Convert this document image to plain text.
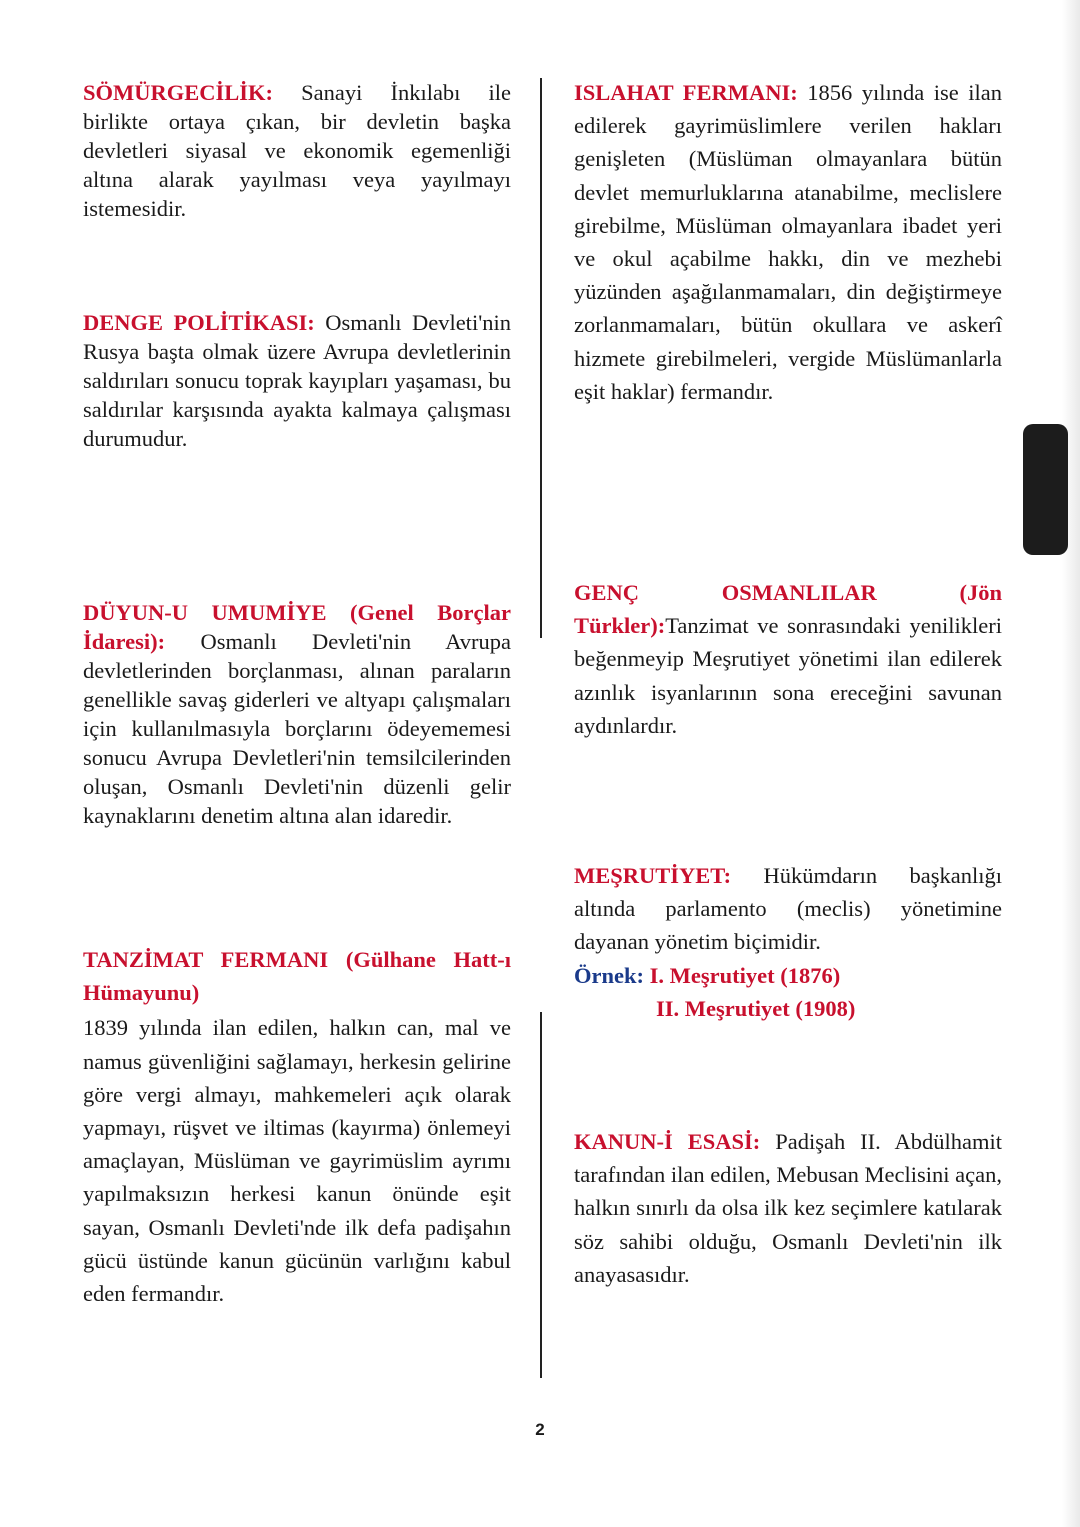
SÖMÜRGECİLİK: Sanayi İnkılabı ile birlikte ortaya çıkan, bir devletin başka devletleri siyasal ve ekonomik egemenliği altına alarak yayılması veya yayılmayı istemesidir.

DENGE POLİTİKASI: Osmanlı Devleti'nin Rusya başta olmak üzere Avrupa devletlerinin saldırıları sonucu toprak kayıpları yaşaması, bu saldırılar karşısında ayakta kalmaya çalışması durumudur.

DÜYUN-U UMUMİYE (Genel Borçlar İdaresi): Osmanlı Devleti'nin Avrupa devletlerinden borçlanması, alınan paraların genellikle savaş giderleri ve altyapı çalışmaları için kullanılmasıyla borçlarını ödeyememesi sonucu Avrupa Devletleri'nin temsilcilerinden oluşan, Osmanlı Devleti'nin düzenli gelir kaynaklarını denetim altına alan idaredir.

TANZİMAT FERMANI (Gülhane Hatt-ı Hümayunu)

1839 yılında ilan edilen, halkın can, mal ve namus güvenliğini sağlamayı, herkesin gelirine göre vergi almayı, mahkemeleri açık olarak yapmayı, rüşvet ve iltimas (kayırma) önlemeyi amaçlayan, Müslüman ve gayrimüslim ayrımı yapılmaksızın herkesi kanun önünde eşit sayan, Osmanlı Devleti'nde ilk defa padişahın gücü üstünde kanun gücünün varlığını kabul eden fermandır.

ISLAHAT FERMANI: 1856 yılında ise ilan edilerek gayrimüslimlere verilen hakları genişleten (Müslüman olmayanlara bütün devlet memurluklarına atanabilme, meclislere girebilme, Müslüman olmayanlara ibadet yeri ve okul açabilme hakkı, din ve mezhebi yüzünden aşağılanmamaları, din değiştirmeye zorlanmamaları, bütün okullara ve askerî hizmete girebilmeleri, vergide Müslümanlarla eşit haklar) fermandır.

GENÇ OSMANLILAR (Jön Türkler):Tanzimat ve sonrasındaki yenilikleri beğenmeyip Meşrutiyet yönetimi ilan edilerek azınlık isyanlarının sona ereceğini savunan aydınlardır.

MEŞRUTİYET: Hükümdarın başkanlığı altında parlamento (meclis) yönetimine dayanan yönetim biçimidir.

Örnek: I. Meşrutiyet (1876)

II. Meşrutiyet (1908)

KANUN-İ ESASİ: Padişah II. Abdülhamit tarafından ilan edilen, Mebusan Meclisini açan, halkın sınırlı da olsa ilk kez seçimlere katılarak söz sahibi olduğu, Osmanlı Devleti'nin ilk anayasasıdır.

2
